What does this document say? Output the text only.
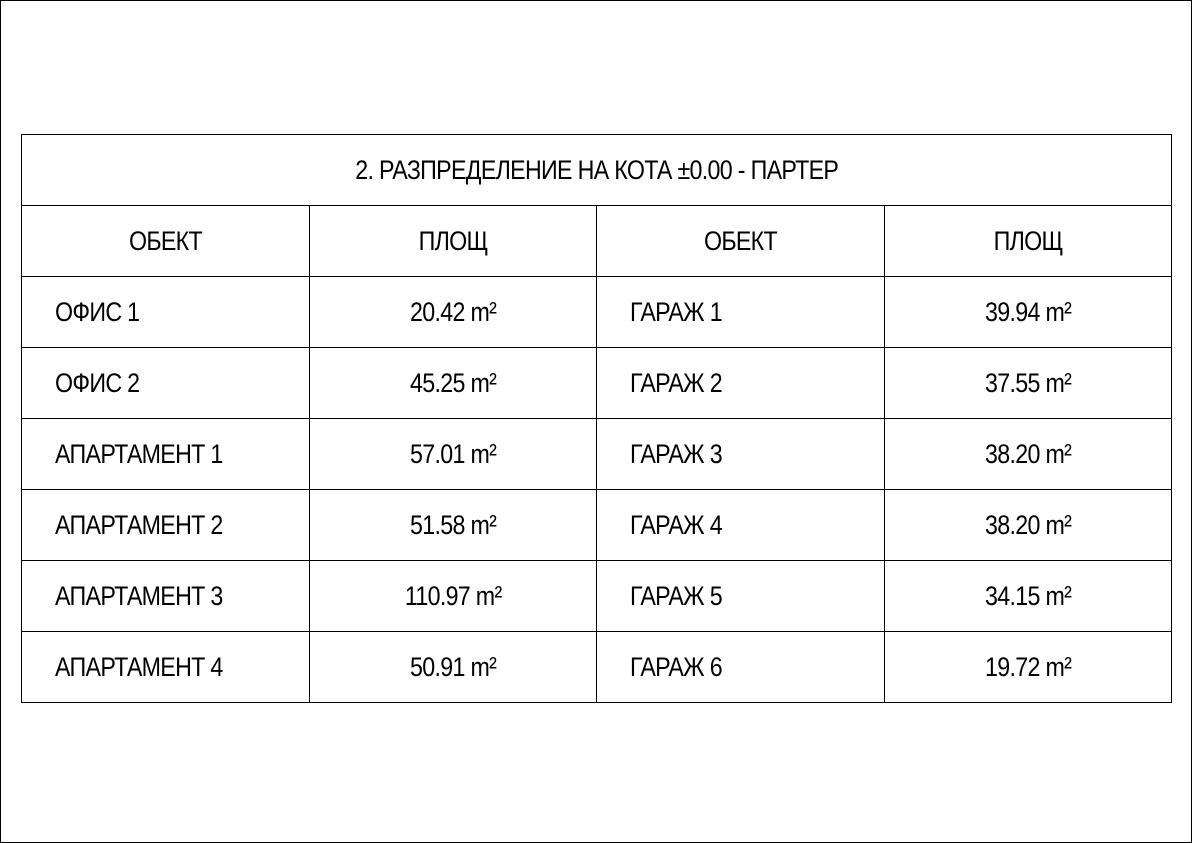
2. РАЗПРЕДЕЛЕНИЕ НА КОТА ±0.00 - ПАРТЕР			
ОБЕКТ	ПЛОЩ	ОБЕКТ	ПЛОЩ
ОФИС 1	20.42 m²	ГАРАЖ 1	39.94 m²
ОФИС 2	45.25 m²	ГАРАЖ 2	37.55 m²
АПАРТАМЕНТ 1	57.01 m²	ГАРАЖ 3	38.20 m²
АПАРТАМЕНТ 2	51.58 m²	ГАРАЖ 4	38.20 m²
АПАРТАМЕНТ 3	110.97 m²	ГАРАЖ 5	34.15 m²
АПАРТАМЕНТ 4	50.91 m²	ГАРАЖ 6	19.72 m²
